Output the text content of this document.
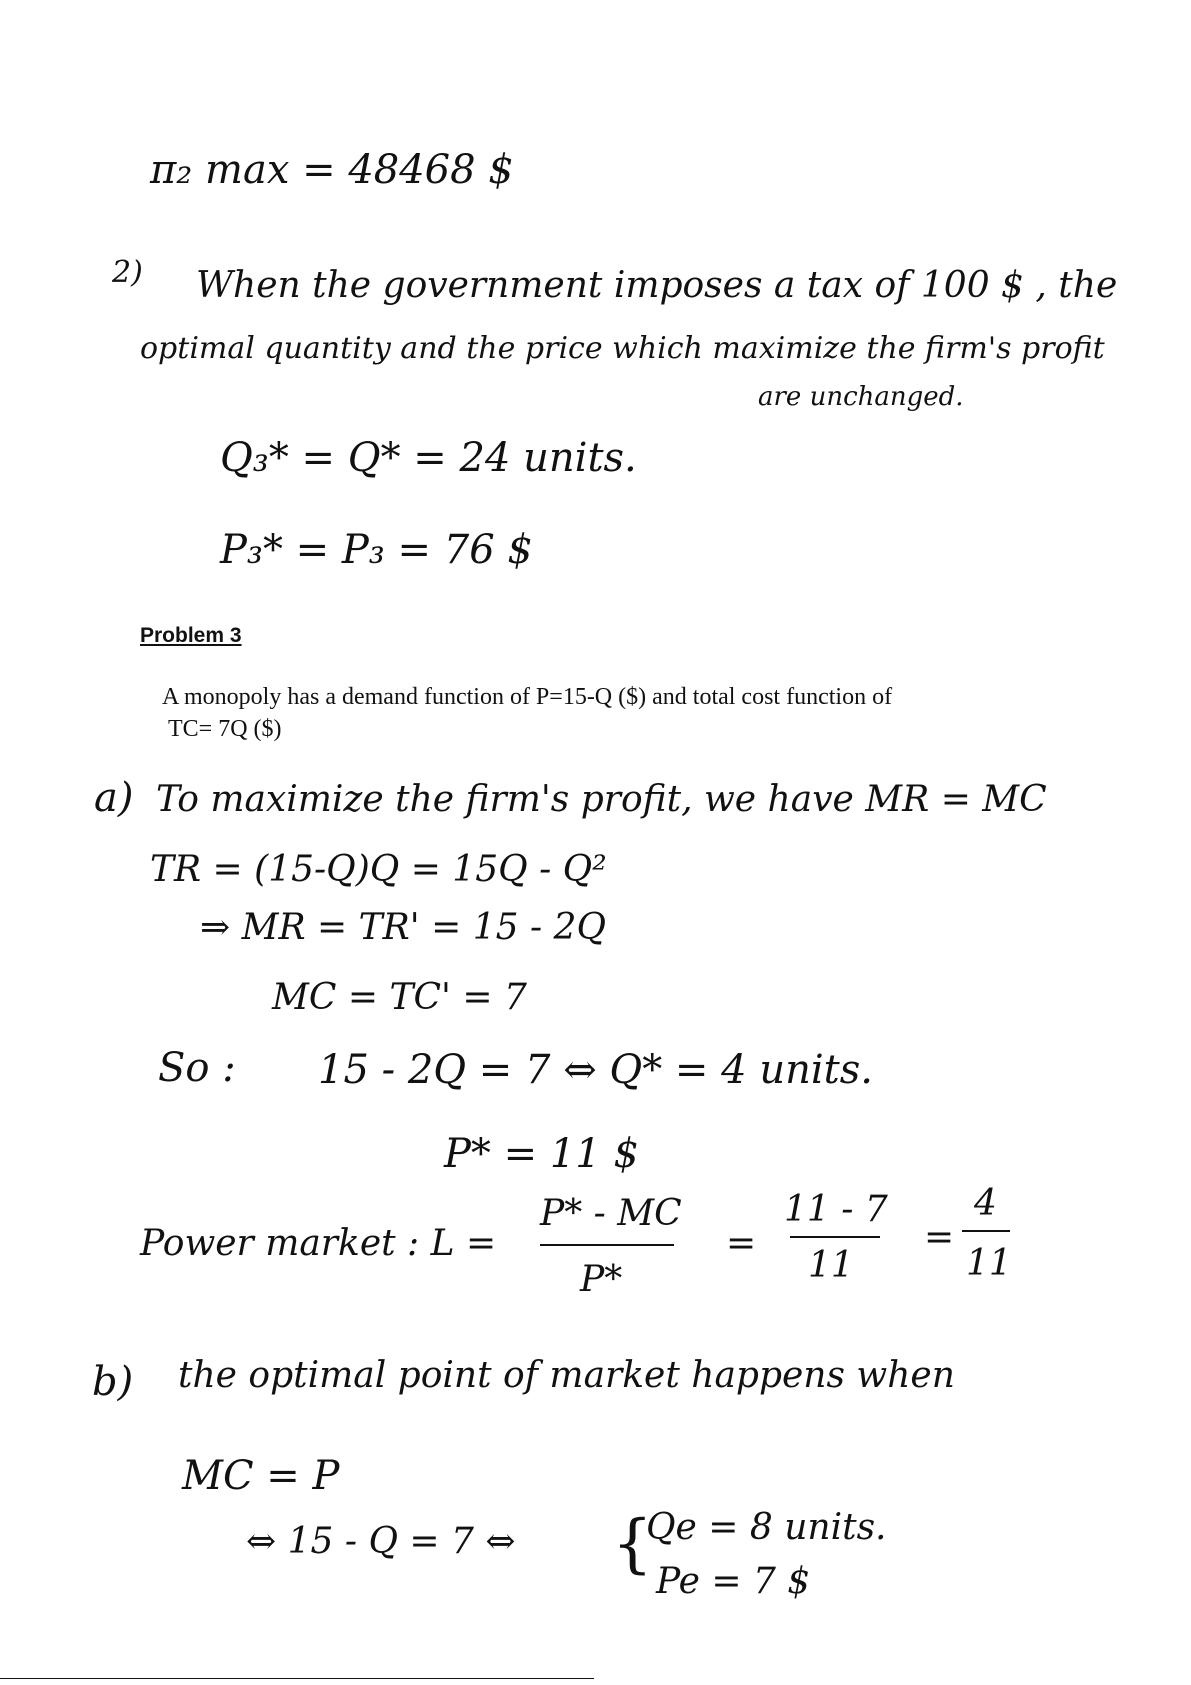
π₂ max = 48468 $
2) When the government imposes a tax of 100 $ , the
optimal quantity and the price which maximize the firm's profit
are unchanged.
Q₃* = Q* = 24 units.
P₃* = P₃ = 76 $
Problem 3
A monopoly has a demand function of P=15-Q ($) and total cost function of
TC= 7Q ($)
a) To maximize the firm's profit, we have MR = MC
TR = (15-Q)Q = 15Q - Q²
⇒ MR = TR' = 15 - 2Q
MC = TC' = 7
So : 15 - 2Q = 7 ⇔ Q* = 4 units.
P* = 11 $
Power market : L =
P* - MC
P*
=
11 - 7
11
=
4
11
b) the optimal point of market happens when
MC = P
⇔ 15 - Q = 7 ⇔ {
Qe = 8 units.
Pe = 7 $
